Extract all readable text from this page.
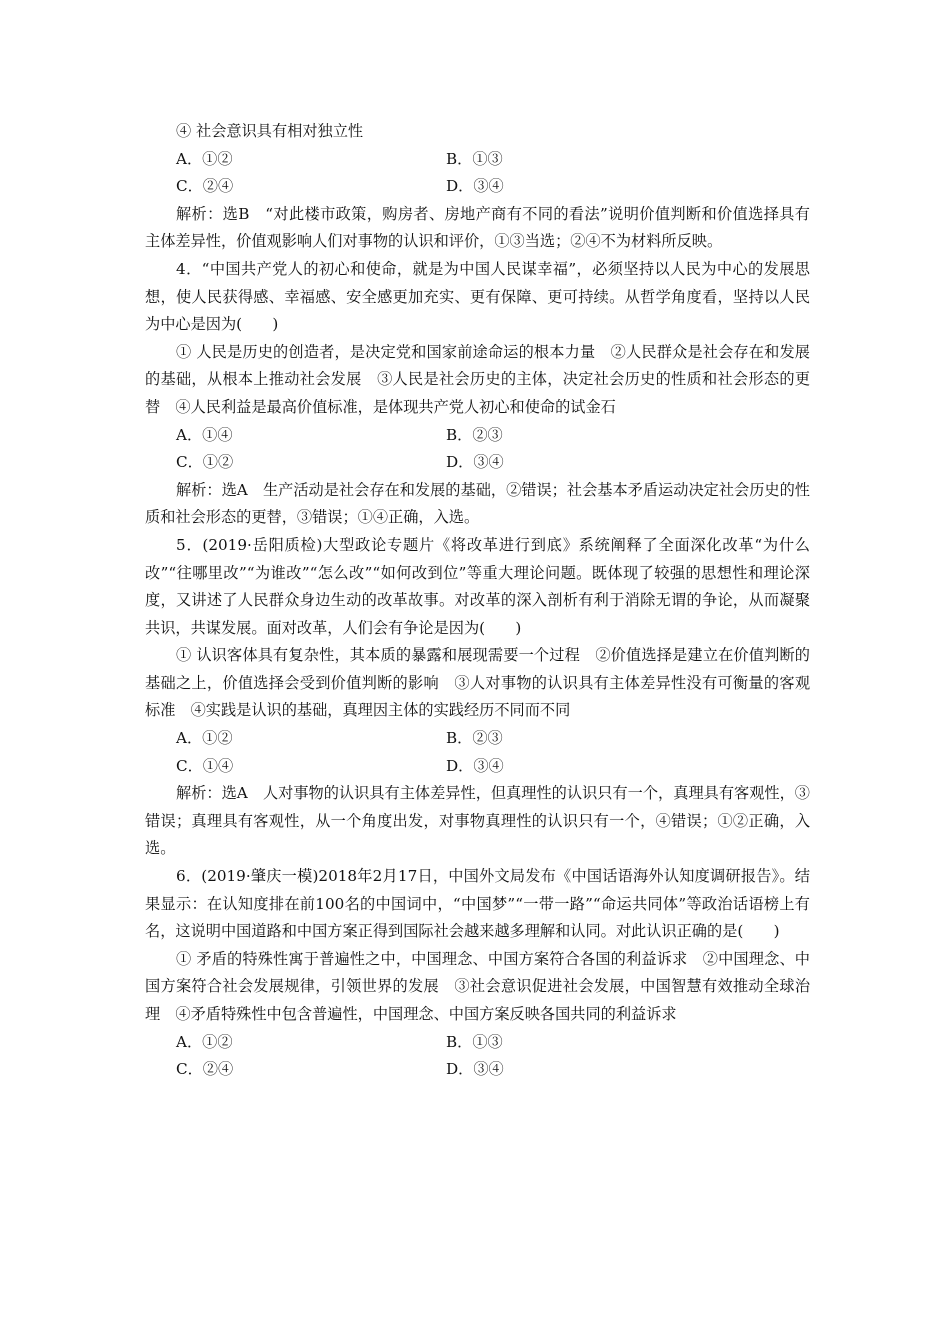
④ 社会意识具有相对独立性

A．①②	B．①③
C．②④	D．③④

解析：选B　“对此楼市政策，购房者、房地产商有不同的看法”说明价值判断和价值选择具有主体差异性，价值观影响人们对事物的认识和评价，①③当选；②④不为材料所反映。

4．“中国共产党人的初心和使命，就是为中国人民谋幸福”，必须坚持以人民为中心的发展思想，使人民获得感、幸福感、安全感更加充实、更有保障、更可持续。从哲学角度看，坚持以人民为中心是因为(　　)

① 人民是历史的创造者，是决定党和国家前途命运的根本力量　②人民群众是社会存在和发展的基础，从根本上推动社会发展　③人民是社会历史的主体，决定社会历史的性质和社会形态的更替　④人民利益是最高价值标准，是体现共产党人初心和使命的试金石

A．①④	B．②③
C．①②	D．③④

解析：选A　生产活动是社会存在和发展的基础，②错误；社会基本矛盾运动决定社会历史的性质和社会形态的更替，③错误；①④正确，入选。

5．(2019·岳阳质检)大型政论专题片《将改革进行到底》系统阐释了全面深化改革“为什么改”“往哪里改”“为谁改”“怎么改”“如何改到位”等重大理论问题。既体现了较强的思想性和理论深度，又讲述了人民群众身边生动的改革故事。对改革的深入剖析有利于消除无谓的争论，从而凝聚共识，共谋发展。面对改革，人们会有争论是因为(　　)

① 认识客体具有复杂性，其本质的暴露和展现需要一个过程　②价值选择是建立在价值判断的基础之上，价值选择会受到价值判断的影响　③人对事物的认识具有主体差异性没有可衡量的客观标准　④实践是认识的基础，真理因主体的实践经历不同而不同

A．①②	B．②③
C．①④	D．③④

解析：选A　人对事物的认识具有主体差异性，但真理性的认识只有一个，真理具有客观性，③错误；真理具有客观性，从一个角度出发，对事物真理性的认识只有一个，④错误；①②正确，入选。

6．(2019·肇庆一模)2018年2月17日，中国外文局发布《中国话语海外认知度调研报告》。结果显示：在认知度排在前100名的中国词中，“中国梦”“一带一路”“命运共同体”等政治话语榜上有名，这说明中国道路和中国方案正得到国际社会越来越多理解和认同。对此认识正确的是(　　)

① 矛盾的特殊性寓于普遍性之中，中国理念、中国方案符合各国的利益诉求　②中国理念、中国方案符合社会发展规律，引领世界的发展　③社会意识促进社会发展，中国智慧有效推动全球治理　④矛盾特殊性中包含普遍性，中国理念、中国方案反映各国共同的利益诉求

A．①②	B．①③
C．②④	D．③④
